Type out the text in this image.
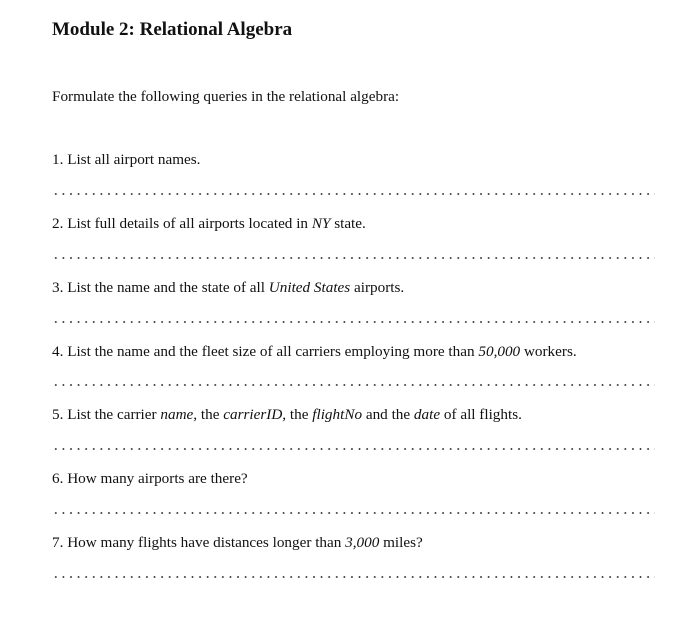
Module 2: Relational Algebra
Formulate the following queries in the relational algebra:
1. List all airport names.
2. List full details of all airports located in NY state.
3. List the name and the state of all United States airports.
4. List the name and the fleet size of all carriers employing more than 50,000 workers.
5. List the carrier name, the carrierID, the flightNo and the date of all flights.
6. How many airports are there?
7. How many flights have distances longer than 3,000 miles?
